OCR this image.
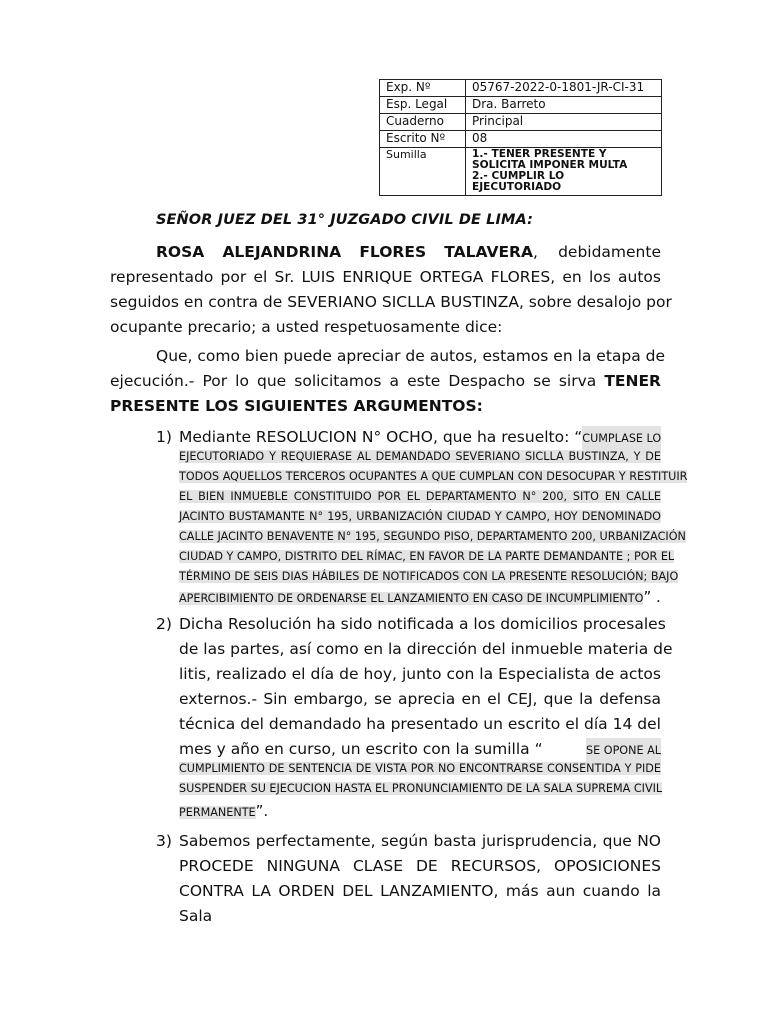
Exp. Nº	05767-2022-0-1801-JR-CI-31
Esp. Legal	Dra. Barreto
Cuaderno	Principal
Escrito Nº	08
Sumilla	1.- TENER PRESENTE Y
SOLICITA IMPONER MULTA
2.- CUMPLIR LO EJECUTORIADO
SEÑOR JUEZ DEL 31° JUZGADO CIVIL DE LIMA:
ROSA ALEJANDRINA FLORES TALAVERA , debidamente
representado por el Sr. LUIS ENRIQUE ORTEGA FLORES, en los autos
seguidos en contra de SEVERIANO SICLLA BUSTINZA, sobre desalojo por
ocupante precario; a usted respetuosamente dice:
Que, como bien puede apreciar de autos, estamos en la etapa de
ejecución.- Por lo que solicitamos a este Despacho se sirva TENER
PRESENTE LOS SIGUIENTES ARGUMENTOS:
1) Mediante RESOLUCION N° OCHO, que ha resuelto: “ CUMPLASE LO
EJECUTORIADO Y REQUIERASE AL DEMANDADO SEVERIANO SICLLA BUSTINZA, Y DE
TODOS AQUELLOS TERCEROS OCUPANTES A QUE CUMPLAN CON DESOCUPAR Y RESTITUIR
EL BIEN INMUEBLE CONSTITUIDO POR EL DEPARTAMENTO N° 200, SITO EN CALLE
JACINTO BUSTAMANTE N° 195, URBANIZACIÓN CIUDAD Y CAMPO, HOY DENOMINADO
CALLE JACINTO BENAVENTE N° 195, SEGUNDO PISO, DEPARTAMENTO 200, URBANIZACIÓN
CIUDAD Y CAMPO, DISTRITO DEL RÍMAC, EN FAVOR DE LA PARTE DEMANDANTE ; POR EL
TÉRMINO DE SEIS DIAS HÁBILES DE NOTIFICADOS CON LA PRESENTE RESOLUCIÓN; BAJO
APERCIBIMIENTO DE ORDENARSE EL LANZAMIENTO EN CASO DE INCUMPLIMIENTO” .
2) Dicha Resolución ha sido notificada a los domicilios procesales
de las partes, así como en la dirección del inmueble materia de
litis, realizado el día de hoy, junto con la Especialista de actos
externos.- Sin embargo, se aprecia en el CEJ, que la defensa
técnica del demandado ha presentado un escrito el día 14 del
mes y año en curso, un escrito con la sumilla “	SE OPONE AL
CUMPLIMIENTO DE SENTENCIA DE VISTA POR NO ENCONTRARSE CONSENTIDA Y PIDE
SUSPENDER SU EJECUCION HASTA EL PRONUNCIAMIENTO DE LA SALA SUPREMA CIVIL
PERMANENTE”.
3) Sabemos perfectamente, según basta jurisprudencia, que NO
PROCEDE NINGUNA CLASE DE RECURSOS, OPOSICIONES
CONTRA LA ORDEN DEL LANZAMIENTO, más aun cuando la
Sala
